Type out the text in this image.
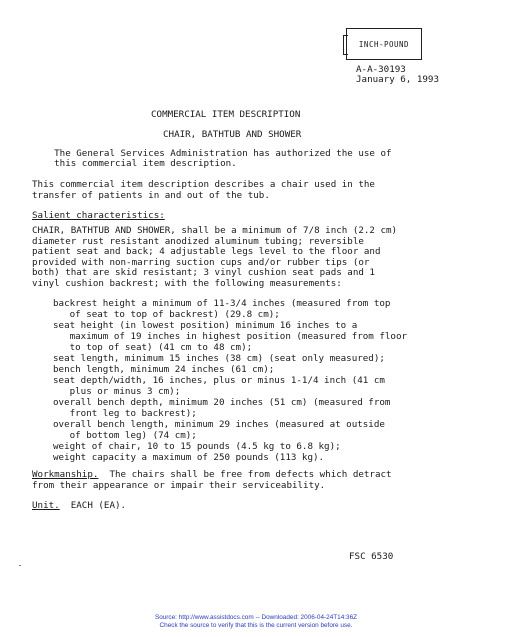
INCH-POUND
A-A-30193
January 6, 1993
COMMERCIAL ITEM DESCRIPTION
CHAIR, BATHTUB AND SHOWER
The General Services Administration has authorized the use of
this commercial item description.
This commercial item description describes a chair used in the
transfer of patients in and out of the tub.
Salient characteristics:
CHAIR, BATHTUB AND SHOWER, shall be a minimum of 7/8 inch (2.2 cm)
diameter rust resistant anodized aluminum tubing; reversible
patient seat and back; 4 adjustable legs level to the floor and
provided with non-marring suction cups and/or rubber tips (or
both) that are skid resistant; 3 vinyl cushion seat pads and 1
vinyl cushion backrest; with the following measurements:
backrest height a minimum of 11-3/4 inches (measured from top
of seat to top of backrest) (29.8 cm);
seat height (in lowest position) minimum 16 inches to a
maximum of 19 inches in highest position (measured from floor
to top of seat) (41 cm to 48 cm);
seat length, minimum 15 inches (38 cm) (seat only measured);
bench length, minimum 24 inches (61 cm);
seat depth/width, 16 inches, plus or minus 1-1/4 inch (41 cm
plus or minus 3 cm);
overall bench depth, minimum 20 inches (51 cm) (measured from
front leg to backrest);
overall bench length, minimum 29 inches (measured at outside
of bottom leg) (74 cm);
weight of chair, 10 to 15 pounds (4.5 kg to 6.8 kg);
weight capacity a maximum of 250 pounds (113 kg).
Workmanship.  The chairs shall be free from defects which detract
from their appearance or impair their serviceability.
Unit.  EACH (EA).
FSC 6530
Source: http://www.assistdocs.com -- Downloaded: 2006-04-24T14:36Z
Check the source to verify that this is the current version before use.
